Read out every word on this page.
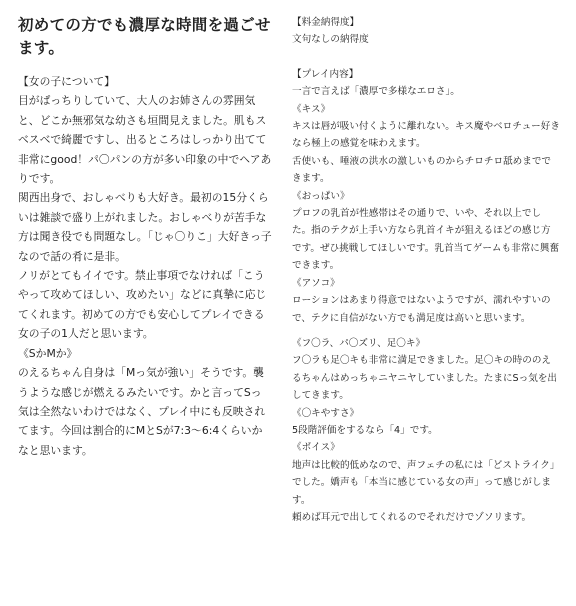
初めての方でも濃厚な時間を過ごせます。

【女の子について】

目がぱっちりしていて、大人のお姉さんの雰囲気と、どこか無邪気な幼さも垣間見えました。肌もスベスベで綺麗ですし、出るところはしっかり出てて非常にgood！パ〇パンの方が多い印象の中でヘアありです。

関西出身で、おしゃべりも大好き。最初の15分くらいは雑談で盛り上がれました。おしゃべりが苦手な方は聞き役でも問題なし。「じゃ〇りこ」大好きっ子なので話の肴に是非。

ノリがとてもイイです。禁止事項でなければ「こうやって攻めてほしい、攻めたい」などに真摯に応じてくれます。初めての方でも安心してプレイできる女の子の1人だと思います。

《SかMか》

のえるちゃん自身は「Mっ気が強い」そうです。襲うような感じが燃えるみたいです。かと言ってSっ気は全然ないわけではなく、プレイ中にも反映されてます。今回は割合的にMとSが7:3〜6:4くらいかなと思います。

【料金納得度】

文句なしの納得度

【プレイ内容】

一言で言えば「濃厚で多様なエロさ」。

《キス》

キスは唇が吸い付くように離れない。キス魔やベロチュー好きなら極上の感覚を味わえます。

舌使いも、唾液の洪水の激しいものからチロチロ舐めまでできます。

《おっぱい》

プロフの乳首が性感帯はその通りで、いや、それ以上でした。指のテクが上手い方なら乳首イキが狙えるほどの感じ方です。ぜひ挑戦してほしいです。乳首当てゲームも非常に興奮できます。

《アソコ》

ローションはあまり得意ではないようですが、濡れやすいので、テクに自信がない方でも満足度は高いと思います。

《フ〇ラ、パ〇ズリ、足〇キ》

フ〇ラも足〇キも非常に満足できました。足〇キの時ののえるちゃんはめっちゃニヤニヤしていました。たまにSっ気を出してきます。

《〇キやすさ》

5段階評価をするなら「4」です。

《ボイス》

地声は比較的低めなので、声フェチの私には「どストライク」でした。嬌声も「本当に感じている女の声」って感じがします。

頼めば耳元で出してくれるのでそれだけでゾソリます。
